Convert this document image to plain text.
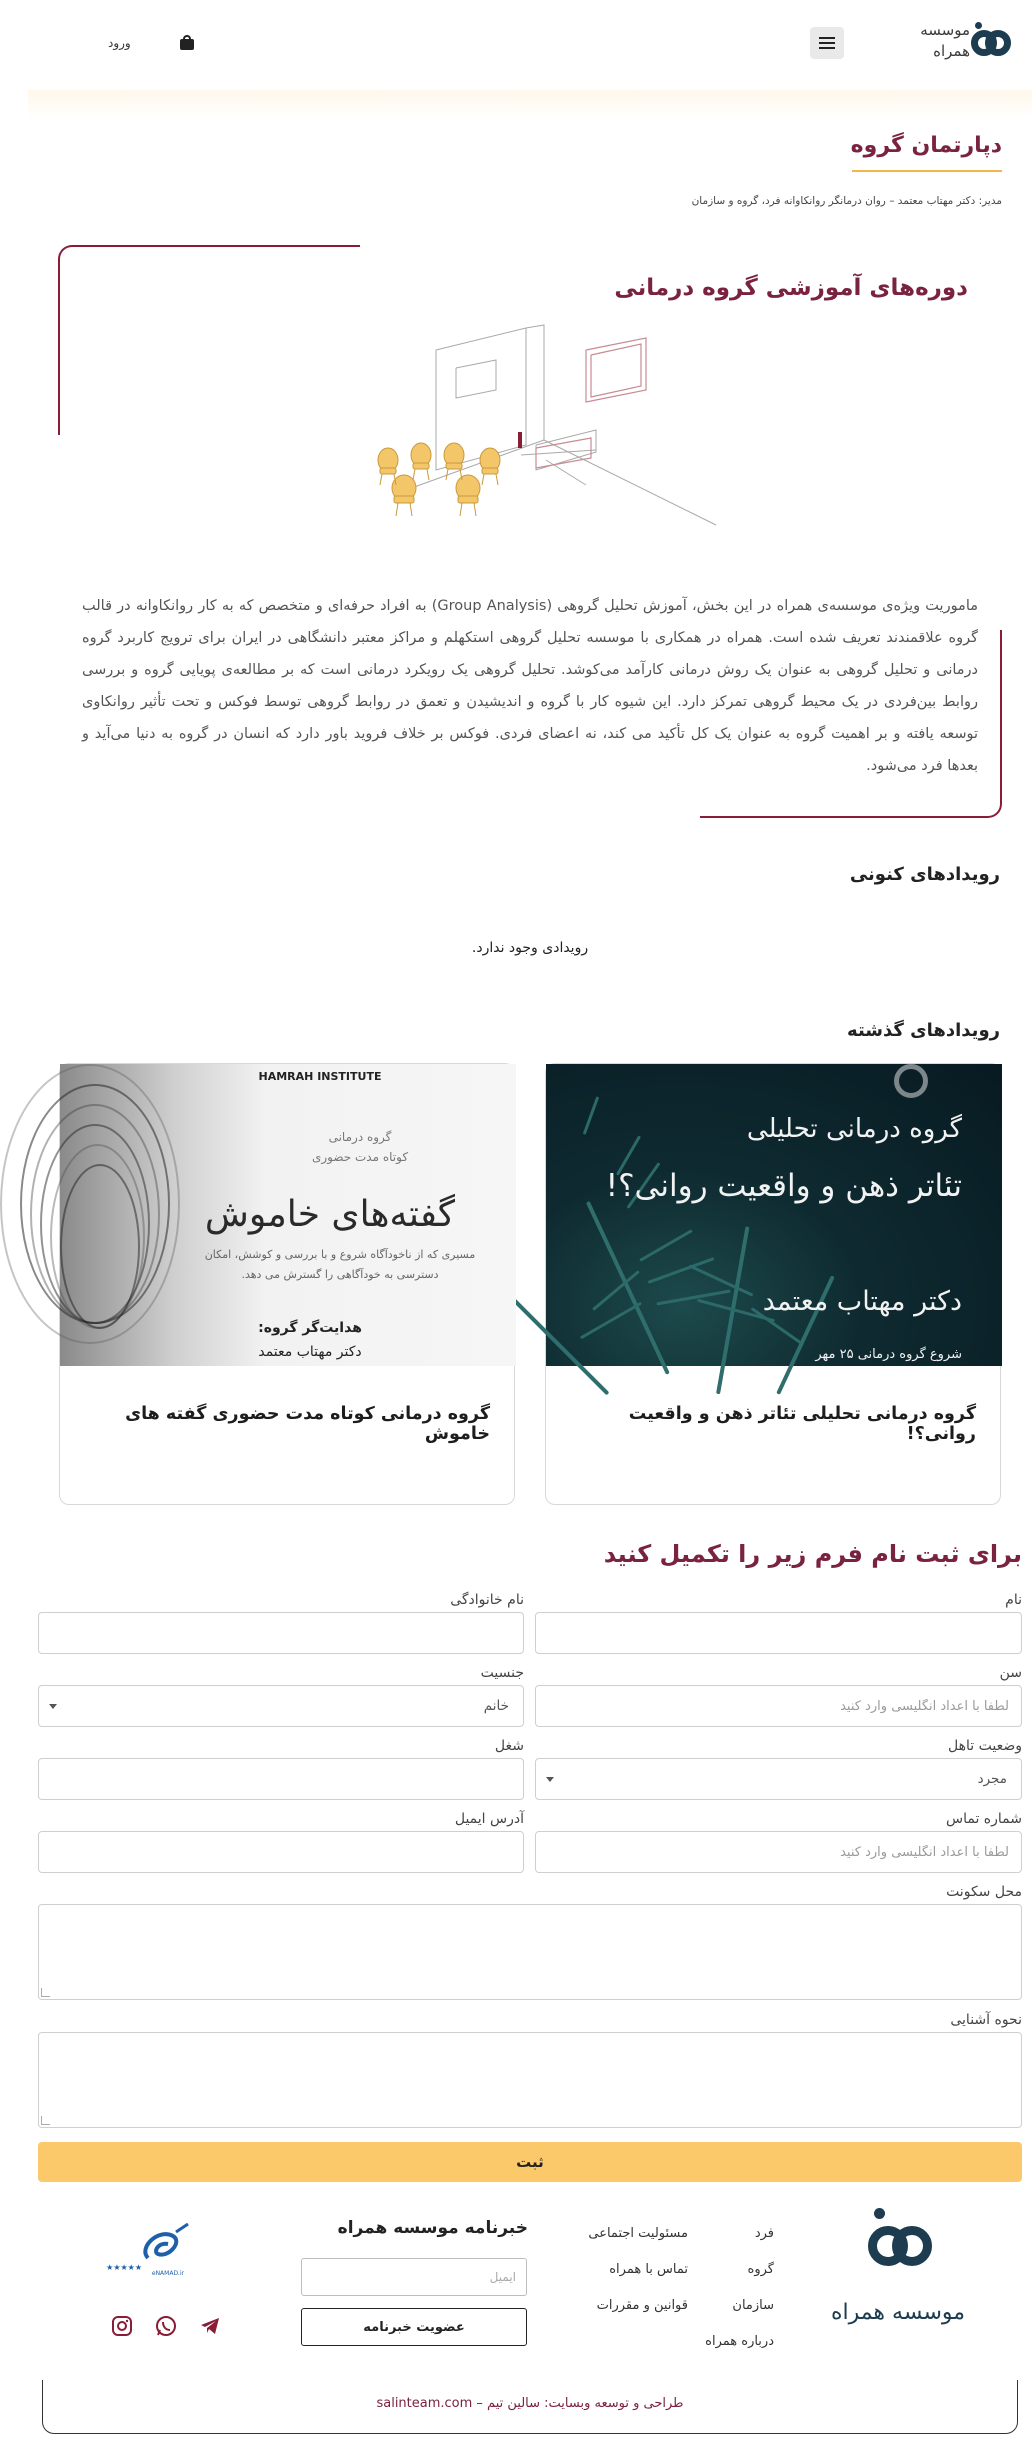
موسسه همراه
ورود
دپارتمان گروه
مدیر: دکتر مهتاب معتمد – روان درمانگر روانکاوانه فرد، گروه و سازمان
دوره‌های آموزشی گروه درمانی
ماموریت ویژه‌ی موسسه‌ی همراه در این بخش، آموزش تحلیل گروهی (Group Analysis) به افراد حرفه‌ای و متخصص که به کار روانکاوانه در قالب گروه علاقمندند تعریف شده است. همراه در همکاری با موسسه تحلیل گروهی استکهلم و مراکز معتبر دانشگاهی در ایران برای ترویج کاربرد گروه درمانی و تحلیل گروهی به عنوان یک روش درمانی کارآمد می‌کوشد. تحلیل گروهی یک رویکرد درمانی است که بر مطالعه‌ی پویایی گروه و بررسی روابط بین‌فردی در یک محیط گروهی تمرکز دارد. این شیوه کار با گروه و اندیشیدن و تعمق در روابط گروهی توسط فوکس و تحت تأثیر روانکاوی توسعه یافته و بر اهمیت گروه به عنوان یک کل تأکید می کند، نه اعضای فردی. فوکس بر خلاف فروید باور دارد که انسان در گروه به دنیا می‌آید و بعدها فرد می‌شود.
رویدادهای کنونی
رویدادی وجود ندارد.
رویدادهای گذشته
گروه درمانی تحلیلی
تئاتر ذهن و واقعیت روانی؟!
دکتر مهتاب معتمد
شروع گروه درمانی ۲۵ مهر
گروه درمانی تحلیلی تئاتر ذهن و واقعیت روانی؟!
HAMRAH INSTITUTE
گروه درمانی
کوتاه مدت حضوری
گفته‌های خاموش
مسیری که از ناخودآگاه شروع و با بررسی و کوشش، امکان
دسترسی به خودآگاهی را گسترش می دهد.
هدایت‌گر گروه:
دکتر مهتاب معتمد
گروه درمانی کوتاه مدت حضوری گفته های خاموش
برای ثبت نام فرم زیر را تکمیل کنید
نام
نام خانوادگی
سن
لطفا با اعداد انگلیسی وارد کنید
جنسیت
خانم
وضعیت تاهل
مجرد
شغل
شماره تماس
لطفا با اعداد انگلیسی وارد کنید
آدرس ایمیل
محل سکونت
نحوه آشنایی
ثبت
موسسه همراه
فرد
گروه
سازمان
درباره همراه
مسئولیت اجتماعی
تماس با همراه
قوانین و مقررات
خبرنامه موسسه همراه
ایمیل
عضویت خبرنامه
★★★★★
eNAMAD.ir
طراحی و توسعه وبسایت: سالین تیم – salinteam.com
